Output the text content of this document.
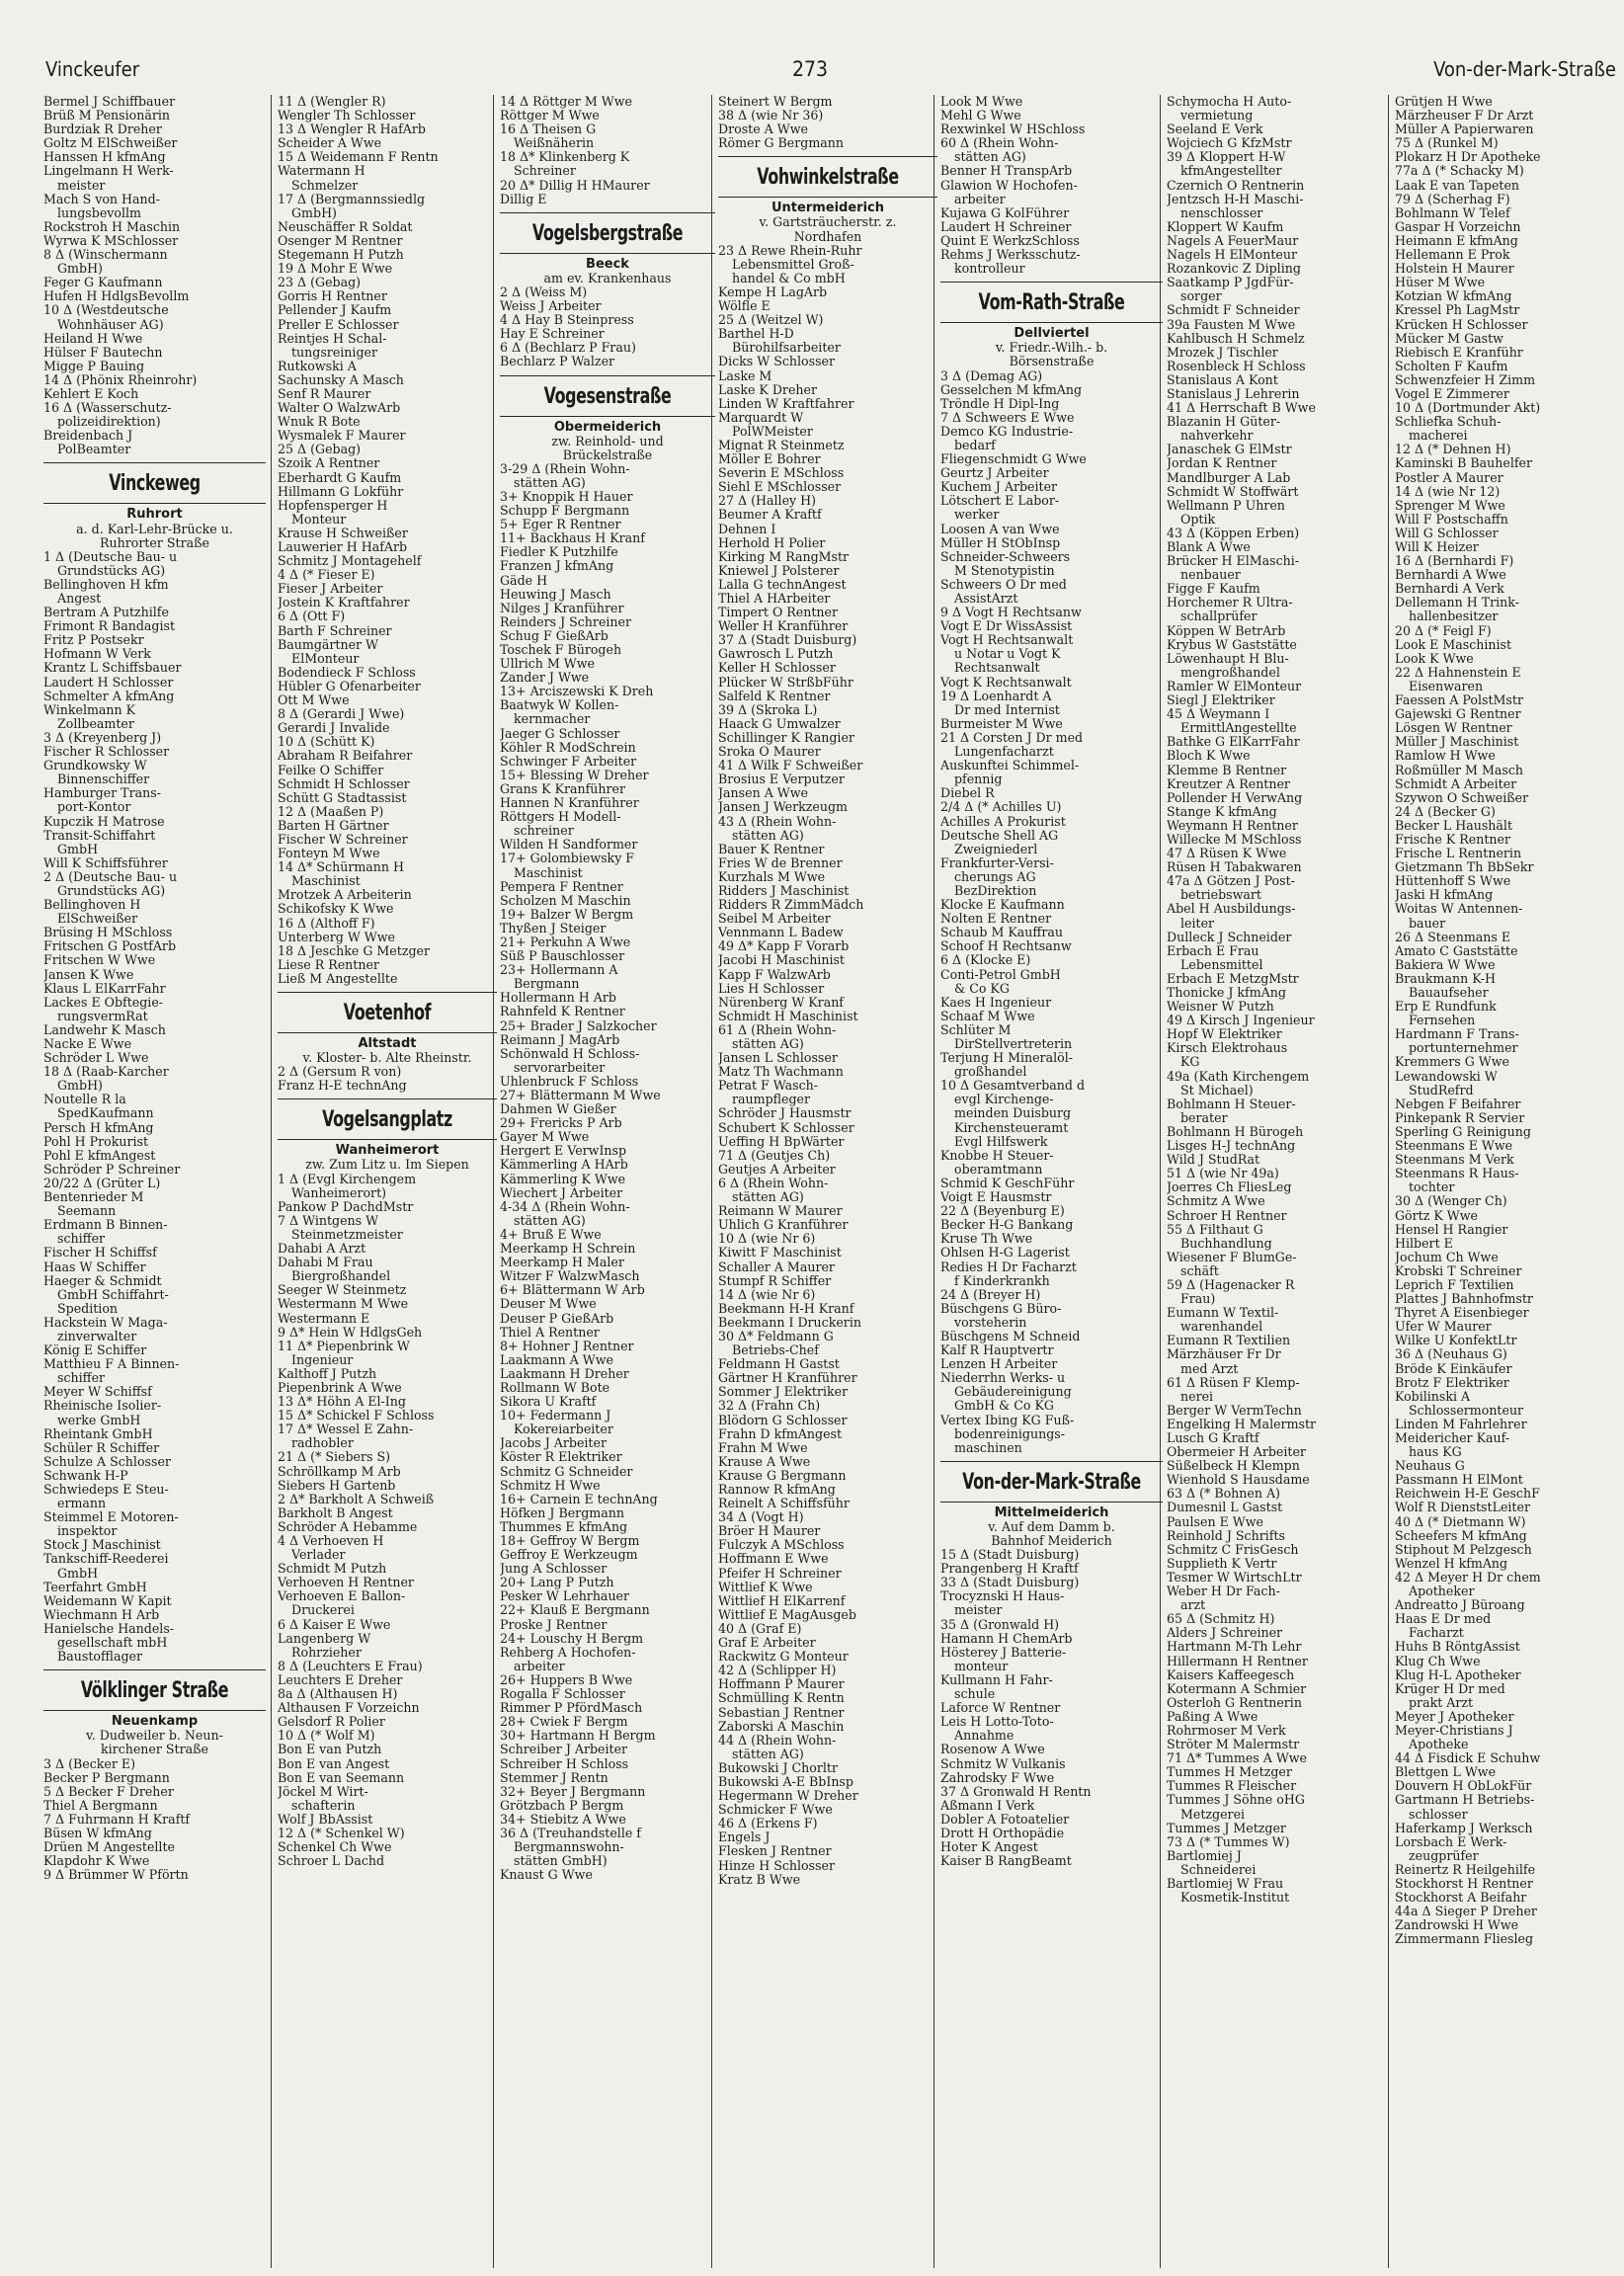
Vinckeufer	273	Von-der-Mark-Straße
Bermel J Schiffbauer
Brüß M Pensionärin
Burdziak R Dreher
Goltz M ElSchweißer
Hanssen H kfmAng
Lingelmann H Werk-
meister
Mach S von Hand-
lungsbevollm
Rockstroh H Maschin
Wyrwa K MSchlosser
8 Δ (Winschermann
GmbH)
Feger G Kaufmann
Hufen H HdlgsBevollm
10 Δ (Westdeutsche
Wohnhäuser AG)
Heiland H Wwe
Hülser F Bautechn
Migge P Bauing
14 Δ (Phönix Rheinrohr)
Kehlert E Koch
16 Δ (Wasserschutz-
polizeidirektion)
Breidenbach J
PolBeamter
Vinckeweg
Ruhrort
a. d. Karl-Lehr-Brücke u.
Ruhrorter Straße
1 Δ (Deutsche Bau- u
Grundstücks AG)
Bellinghoven H kfm
Angest
Bertram A Putzhilfe
Frimont R Bandagist
Fritz P Postsekr
Hofmann W Verk
Krantz L Schiffsbauer
Laudert H Schlosser
Schmelter A kfmAng
Winkelmann K
Zollbeamter
3 Δ (Kreyenberg J)
Fischer R Schlosser
Grundkowsky W
Binnenschiffer
Hamburger Trans-
port-Kontor
Kupczik H Matrose
Transit-Schiffahrt
GmbH
Will K Schiffsführer
2 Δ (Deutsche Bau- u
Grundstücks AG)
Bellinghoven H
ElSchweißer
Brüsing H MSchloss
Fritschen G PostfArb
Fritschen W Wwe
Jansen K Wwe
Klaus L ElKarrFahr
Lackes E Obftegie-
rungsvermRat
Landwehr K Masch
Nacke E Wwe
Schröder L Wwe
18 Δ (Raab-Karcher
GmbH)
Noutelle R la
SpedKaufmann
Persch H kfmAng
Pohl H Prokurist
Pohl E kfmAngest
Schröder P Schreiner
20/22 Δ (Grüter L)
Bentenrieder M
Seemann
Erdmann B Binnen-
schiffer
Fischer H Schiffsf
Haas W Schiffer
Haeger & Schmidt
GmbH Schiffahrt-
Spedition
Hackstein W Maga-
zinverwalter
König E Schiffer
Matthieu F A Binnen-
schiffer
Meyer W Schiffsf
Rheinische Isolier-
werke GmbH
Rheintank GmbH
Schüler R Schiffer
Schulze A Schlosser
Schwank H-P
Schwiedeps E Steu-
ermann
Steimmel E Motoren-
inspektor
Stock J Maschinist
Tankschiff-Reederei
GmbH
Teerfahrt GmbH
Weidemann W Kapit
Wiechmann H Arb
Hanielsche Handels-
gesellschaft mbH
Baustofflager
Völklinger Straße
Neuenkamp
v. Dudweiler b. Neun-
kirchener Straße
3 Δ (Becker E)
Becker P Bergmann
5 Δ Becker F Dreher
Thiel A Bergmann
7 Δ Fuhrmann H Kraftf
Büsen W kfmAng
Drüen M Angestellte
Klapdohr K Wwe
9 Δ Brümmer W Pförtn
11 Δ (Wengler R)
Wengler Th Schlosser
13 Δ Wengler R HafArb
Scheider A Wwe
15 Δ Weidemann F Rentn
Watermann H
Schmelzer
17 Δ (Bergmannssiedlg
GmbH)
Neuschäffer R Soldat
Osenger M Rentner
Stegemann H Putzh
19 Δ Mohr E Wwe
23 Δ (Gebag)
Gorris H Rentner
Pellender J Kaufm
Preller E Schlosser
Reintjes H Schal-
tungsreiniger
Rutkowski A
Sachunsky A Masch
Senf R Maurer
Walter O WalzwArb
Wnuk R Bote
Wysmalek F Maurer
25 Δ (Gebag)
Szoik A Rentner
Eberhardt G Kaufm
Hillmann G Lokführ
Hopfensperger H
Monteur
Krause H Schweißer
Lauwerier H HafArb
Schmitz J Montagehelf
4 Δ (* Fieser E)
Fieser J Arbeiter
Jostein K Kraftfahrer
6 Δ (Ott F)
Barth F Schreiner
Baumgärtner W
ElMonteur
Bodendieck F Schloss
Hübler G Ofenarbeiter
Ott M Wwe
8 Δ (Gerardi J Wwe)
Gerardi J Invalide
10 Δ (Schütt K)
Abraham R Beifahrer
Feilke O Schiffer
Schmidt H Schlosser
Schütt G Stadtassist
12 Δ (Maaßen P)
Barten H Gärtner
Fischer W Schreiner
Fonteyn M Wwe
14 Δ* Schürmann H
Maschinist
Mrotzek A Arbeiterin
Schikofsky K Wwe
16 Δ (Althoff F)
Unterberg W Wwe
18 Δ Jeschke G Metzger
Liese R Rentner
Ließ M Angestellte
Voetenhof
Altstadt
v. Kloster- b. Alte Rheinstr.
2 Δ (Gersum R von)
Franz H-E technAng
Vogelsangplatz
Wanheimerort
zw. Zum Litz u. Im Siepen
1 Δ (Evgl Kirchengem
Wanheimerort)
Pankow P DachdMstr
7 Δ Wintgens W
Steinmetzmeister
Dahabi A Arzt
Dahabi M Frau
Biergroßhandel
Seeger W Steinmetz
Westermann M Wwe
Westermann E
9 Δ* Hein W HdlgsGeh
11 Δ* Piepenbrink W
Ingenieur
Kalthoff J Putzh
Piepenbrink A Wwe
13 Δ* Höhn A El-Ing
15 Δ* Schickel F Schloss
17 Δ* Wessel E Zahn-
radhobler
21 Δ (* Siebers S)
Schröllkamp M Arb
Siebers H Gartenb
2 Δ* Barkholt A Schweiß
Barkholt B Angest
Schröder A Hebamme
4 Δ Verhoeven H
Verlader
Schmidt M Putzh
Verhoeven H Rentner
Verhoeven E Ballon-
Druckerei
6 Δ Kaiser E Wwe
Langenberg W
Rohrzieher
8 Δ (Leuchters E Frau)
Leuchters E Dreher
8a Δ (Althausen H)
Althausen F Vorzeichn
Gelsdorf R Polier
10 Δ (* Wolf M)
Bon E van Putzh
Bon E van Angest
Bon E van Seemann
Jöckel M Wirt-
schafterin
Wolf J BbAssist
12 Δ (* Schenkel W)
Schenkel Ch Wwe
Schroer L Dachd
14 Δ Röttger M Wwe
Röttger M Wwe
16 Δ Theisen G
Weißnäherin
18 Δ* Klinkenberg K
Schreiner
20 Δ* Dillig H HMaurer
Dillig E
Vogelsbergstraße
Beeck
am ev. Krankenhaus
2 Δ (Weiss M)
Weiss J Arbeiter
4 Δ Hay B Steinpress
Hay E Schreiner
6 Δ (Bechlarz P Frau)
Bechlarz P Walzer
Vogesenstraße
Obermeiderich
zw. Reinhold- und
Brückelstraße
3-29 Δ (Rhein Wohn-
stätten AG)
3+ Knoppik H Hauer
Schupp F Bergmann
5+ Eger R Rentner
11+ Backhaus H Kranf
Fiedler K Putzhilfe
Franzen J kfmAng
Gäde H
Heuwing J Masch
Nilges J Kranführer
Reinders J Schreiner
Schug F GießArb
Toschek F Bürogeh
Ullrich M Wwe
Zander J Wwe
13+ Arciszewski K Dreh
Baatwyk W Kollen-
kernmacher
Jaeger G Schlosser
Köhler R ModSchrein
Schwinger F Arbeiter
15+ Blessing W Dreher
Grans K Kranführer
Hannen N Kranführer
Röttgers H Modell-
schreiner
Wilden H Sandformer
17+ Golombiewsky F
Maschinist
Pempera F Rentner
Scholzen M Maschin
19+ Balzer W Bergm
Thyßen J Steiger
21+ Perkuhn A Wwe
Süß P Bauschlosser
23+ Hollermann A
Bergmann
Hollermann H Arb
Rahnfeld K Rentner
25+ Brader J Salzkocher
Reimann J MagArb
Schönwald H Schloss-
servorarbeiter
Uhlenbruck F Schloss
27+ Blättermann M Wwe
Dahmen W Gießer
29+ Frericks P Arb
Gayer M Wwe
Hergert E VerwInsp
Kämmerling A HArb
Kämmerling K Wwe
Wiechert J Arbeiter
4-34 Δ (Rhein Wohn-
stätten AG)
4+ Bruß E Wwe
Meerkamp H Schrein
Meerkamp H Maler
Witzer F WalzwMasch
6+ Blättermann W Arb
Deuser M Wwe
Deuser P GießArb
Thiel A Rentner
8+ Hohner J Rentner
Laakmann A Wwe
Laakmann H Dreher
Rollmann W Bote
Sikora U Kraftf
10+ Federmann J
Kokereiarbeiter
Jacobs J Arbeiter
Köster R Elektriker
Schmitz G Schneider
Schmitz H Wwe
16+ Carnein E technAng
Höfken J Bergmann
Thummes E kfmAng
18+ Geffroy W Bergm
Geffroy E Werkzeugm
Jung A Schlosser
20+ Lang P Putzh
Pesker W Lehrhauer
22+ Klauß E Bergmann
Proske J Rentner
24+ Louschy H Bergm
Rehberg A Hochofen-
arbeiter
26+ Huppers B Wwe
Rogalla F Schlosser
Rimmer P PfördMasch
28+ Cwiek F Bergm
30+ Hartmann H Bergm
Schreiber J Arbeiter
Schreiber H Schloss
Stemmer J Rentn
32+ Beyer J Bergmann
Grötzbach P Bergm
34+ Stiebitz A Wwe
36 Δ (Treuhandstelle f
Bergmannswohn-
stätten GmbH)
Knaust G Wwe
Steinert W Bergm
38 Δ (wie Nr 36)
Droste A Wwe
Römer G Bergmann
Vohwinkelstraße
Untermeiderich
v. Gartsträucherstr. z.
Nordhafen
23 Δ Rewe Rhein-Ruhr
Lebensmittel Groß-
handel & Co mbH
Kempe H LagArb
Wölfle E
25 Δ (Weitzel W)
Barthel H-D
Bürohilfsarbeiter
Dicks W Schlosser
Laske M
Laske K Dreher
Linden W Kraftfahrer
Marquardt W
PolWMeister
Mignat R Steinmetz
Möller E Bohrer
Severin E MSchloss
Siehl E MSchlosser
27 Δ (Halley H)
Beumer A Kraftf
Dehnen I
Herhold H Polier
Kirking M RangMstr
Kniewel J Polsterer
Lalla G technAngest
Thiel A HArbeiter
Timpert O Rentner
Weller H Kranführer
37 Δ (Stadt Duisburg)
Gawrosch L Putzh
Keller H Schlosser
Plücker W StrßbFühr
Salfeld K Rentner
39 Δ (Skroka L)
Haack G Umwalzer
Schillinger K Rangier
Sroka O Maurer
41 Δ Wilk F Schweißer
Brosius E Verputzer
Jansen A Wwe
Jansen J Werkzeugm
43 Δ (Rhein Wohn-
stätten AG)
Bauer K Rentner
Fries W de Brenner
Kurzhals M Wwe
Ridders J Maschinist
Ridders R ZimmMädch
Seibel M Arbeiter
Vennmann L Badew
49 Δ* Kapp F Vorarb
Jacobi H Maschinist
Kapp F WalzwArb
Lies H Schlosser
Nürenberg W Kranf
Schmidt H Maschinist
61 Δ (Rhein Wohn-
stätten AG)
Jansen L Schlosser
Matz Th Wachmann
Petrat F Wasch-
raumpfleger
Schröder J Hausmstr
Schubert K Schlosser
Ueffing H BpWärter
71 Δ (Geutjes Ch)
Geutjes A Arbeiter
6 Δ (Rhein Wohn-
stätten AG)
Reimann W Maurer
Uhlich G Kranführer
10 Δ (wie Nr 6)
Kiwitt F Maschinist
Schaller A Maurer
Stumpf R Schiffer
14 Δ (wie Nr 6)
Beekmann H-H Kranf
Beekmann I Druckerin
30 Δ* Feldmann G
Betriebs-Chef
Feldmann H Gastst
Gärtner H Kranführer
Sommer J Elektriker
32 Δ (Frahn Ch)
Blödorn G Schlosser
Frahn D kfmAngest
Frahn M Wwe
Krause A Wwe
Krause G Bergmann
Rannow R kfmAng
Reinelt A Schiffsführ
34 Δ (Vogt H)
Bröer H Maurer
Fulczyk A MSchloss
Hoffmann E Wwe
Pfeifer H Schreiner
Wittlief K Wwe
Wittlief H ElKarrenf
Wittlief E MagAusgeb
40 Δ (Graf E)
Graf E Arbeiter
Rackwitz G Monteur
42 Δ (Schlipper H)
Hoffmann P Maurer
Schmülling K Rentn
Sebastian J Rentner
Zaborski A Maschin
44 Δ (Rhein Wohn-
stätten AG)
Bukowski J Chorltr
Bukowski A-E BbInsp
Hegermann W Dreher
Schmicker F Wwe
46 Δ (Erkens F)
Engels J
Flesken J Rentner
Hinze H Schlosser
Kratz B Wwe
Look M Wwe
Mehl G Wwe
Rexwinkel W HSchloss
60 Δ (Rhein Wohn-
stätten AG)
Benner H TranspArb
Glawion W Hochofen-
arbeiter
Kujawa G KolFührer
Laudert H Schreiner
Quint E WerkzSchloss
Rehms J Werksschutz-
kontrolleur
Vom-Rath-Straße
Dellviertel
v. Friedr.-Wilh.- b.
Börsenstraße
3 Δ (Demag AG)
Gesselchen M kfmAng
Tröndle H Dipl-Ing
7 Δ Schweers E Wwe
Demco KG Industrie-
bedarf
Fliegenschmidt G Wwe
Geurtz J Arbeiter
Kuchem J Arbeiter
Lötschert E Labor-
werker
Loosen A van Wwe
Müller H StObInsp
Schneider-Schweers
M Stenotypistin
Schweers O Dr med
AssistArzt
9 Δ Vogt H Rechtsanw
Vogt E Dr WissAssist
Vogt H Rechtsanwalt
u Notar u Vogt K
Rechtsanwalt
Vogt K Rechtsanwalt
19 Δ Loenhardt A
Dr med Internist
Burmeister M Wwe
21 Δ Corsten J Dr med
Lungenfacharzt
Auskunftei Schimmel-
pfennig
Diebel R
2/4 Δ (* Achilles U)
Achilles A Prokurist
Deutsche Shell AG
Zweigniederl
Frankfurter-Versi-
cherungs AG
BezDirektion
Klocke E Kaufmann
Nolten E Rentner
Schaub M Kauffrau
Schoof H Rechtsanw
6 Δ (Klocke E)
Conti-Petrol GmbH
& Co KG
Kaes H Ingenieur
Schaaf M Wwe
Schlüter M
DirStellvertreterin
Terjung H Mineralöl-
großhandel
10 Δ Gesamtverband d
evgl Kirchenge-
meinden Duisburg
Kirchensteueramt
Evgl Hilfswerk
Knobbe H Steuer-
oberamtmann
Schmid K GeschFühr
Voigt E Hausmstr
22 Δ (Beyenburg E)
Becker H-G Bankang
Kruse Th Wwe
Ohlsen H-G Lagerist
Redies H Dr Facharzt
f Kinderkrankh
24 Δ (Breyer H)
Büschgens G Büro-
vorsteherin
Büschgens M Schneid
Kalf R Hauptvertr
Lenzen H Arbeiter
Niederrhn Werks- u
Gebäudereinigung
GmbH & Co KG
Vertex Ibing KG Fuß-
bodenreinigungs-
maschinen
Von-der-Mark-Straße
Mittelmeiderich
v. Auf dem Damm b.
Bahnhof Meiderich
15 Δ (Stadt Duisburg)
Prangenberg H Kraftf
33 Δ (Stadt Duisburg)
Trocyznski H Haus-
meister
35 Δ (Gronwald H)
Hamann H ChemArb
Hösterey J Batterie-
monteur
Kullmann H Fahr-
schule
Laforce W Rentner
Leis H Lotto-Toto-
Annahme
Rosenow A Wwe
Schmitz W Vulkanis
Zahrodsky F Wwe
37 Δ Gronwald H Rentn
Aßmann I Verk
Dobler A Fotoatelier
Drott H Orthopädie
Hoter K Angest
Kaiser B RangBeamt
Schymocha H Auto-
vermietung
Seeland E Verk
Wojciech G KfzMstr
39 Δ Kloppert H-W
kfmAngestellter
Czernich O Rentnerin
Jentzsch H-H Maschi-
nenschlosser
Kloppert W Kaufm
Nagels A FeuerMaur
Nagels H ElMonteur
Rozankovic Z Dipling
Saatkamp P JgdFür-
sorger
Schmidt F Schneider
39a Fausten M Wwe
Kahlbusch H Schmelz
Mrozek J Tischler
Rosenbleck H Schloss
Stanislaus A Kont
Stanislaus J Lehrerin
41 Δ Herrschaft B Wwe
Blazanin H Güter-
nahverkehr
Janaschek G ElMstr
Jordan K Rentner
Mandlburger A Lab
Schmidt W Stoffwärt
Wellmann P Uhren
Optik
43 Δ (Köppen Erben)
Blank A Wwe
Brücker H ElMaschi-
nenbauer
Figge F Kaufm
Horchemer R Ultra-
schallprüfer
Köppen W BetrArb
Krybus W Gaststätte
Löwenhaupt H Blu-
mengroßhandel
Ramler W ElMonteur
Siegl J Elektriker
45 Δ Weymann I
ErmittlAngestellte
Bathke G ElKarrFahr
Bloch K Wwe
Klemme B Rentner
Kreutzer A Rentner
Pollender H VerwAng
Stange K kfmAng
Weymann H Rentner
Willecke M MSchloss
47 Δ Rüsen K Wwe
Rüsen H Tabakwaren
47a Δ Götzen J Post-
betriebswart
Abel H Ausbildungs-
leiter
Dulleck J Schneider
Erbach E Frau
Lebensmittel
Erbach E MetzgMstr
Thonicke J kfmAng
Weisner W Putzh
49 Δ Kirsch J Ingenieur
Hopf W Elektriker
Kirsch Elektrohaus
KG
49a (Kath Kirchengem
St Michael)
Bohlmann H Steuer-
berater
Bohlmann H Bürogeh
Lisges H-J technAng
Wild J StudRat
51 Δ (wie Nr 49a)
Joerres Ch FliesLeg
Schmitz A Wwe
Schroer H Rentner
55 Δ Filthaut G
Buchhandlung
Wiesener F BlumGe-
schäft
59 Δ (Hagenacker R
Frau)
Eumann W Textil-
warenhandel
Eumann R Textilien
Märzhäuser Fr Dr
med Arzt
61 Δ Rüsen F Klemp-
nerei
Berger W VermTechn
Engelking H Malermstr
Lusch G Kraftf
Obermeier H Arbeiter
Süßelbeck H Klempn
Wienhold S Hausdame
63 Δ (* Bohnen A)
Dumesnil L Gastst
Paulsen E Wwe
Reinhold J Schrifts
Schmitz C FrisGesch
Supplieth K Vertr
Tesmer W WirtschLtr
Weber H Dr Fach-
arzt
65 Δ (Schmitz H)
Alders J Schreiner
Hartmann M-Th Lehr
Hillermann H Rentner
Kaisers Kaffeegesch
Kotermann A Schmier
Osterloh G Rentnerin
Paßing A Wwe
Rohrmoser M Verk
Ströter M Malermstr
71 Δ* Tummes A Wwe
Tummes H Metzger
Tummes R Fleischer
Tummes J Söhne oHG
Metzgerei
Tummes J Metzger
73 Δ (* Tummes W)
Bartlomiej J
Schneiderei
Bartlomiej W Frau
Kosmetik-Institut
Grütjen H Wwe
Märzheuser F Dr Arzt
Müller A Papierwaren
75 Δ (Runkel M)
Plokarz H Dr Apotheke
77a Δ (* Schacky M)
Laak E van Tapeten
79 Δ (Scherhag F)
Bohlmann W Telef
Gaspar H Vorzeichn
Heimann E kfmAng
Hellemann E Prok
Holstein H Maurer
Hüser M Wwe
Kotzian W kfmAng
Kressel Ph LagMstr
Krücken H Schlosser
Mücker M Gastw
Riebisch E Kranführ
Scholten F Kaufm
Schwenzfeier H Zimm
Vogel E Zimmerer
10 Δ (Dortmunder Akt)
Schliefka Schuh-
macherei
12 Δ (* Dehnen H)
Kaminski B Bauhelfer
Postler A Maurer
14 Δ (wie Nr 12)
Sprenger M Wwe
Will F Postschaffn
Will G Schlosser
Will K Heizer
16 Δ (Bernhardi F)
Bernhardi A Wwe
Bernhardi A Verk
Dellemann H Trink-
hallenbesitzer
20 Δ (* Feigl F)
Look E Maschinist
Look K Wwe
22 Δ Hahnenstein E
Eisenwaren
Faessen A PolstMstr
Gajewski G Rentner
Lösgen W Rentner
Müller J Maschinist
Ramlow H Wwe
Roßmüller M Masch
Schmidt A Arbeiter
Szywon O Schweißer
24 Δ (Becker G)
Becker L Haushält
Frische K Rentner
Frische L Rentnerin
Gietzmann Th BbSekr
Hüttenhoff S Wwe
Jaski H kfmAng
Woitas W Antennen-
bauer
26 Δ Steenmans E
Amato C Gaststätte
Bakiera W Wwe
Braukmann K-H
Bauaufseher
Erp E Rundfunk
Fernsehen
Hardmann F Trans-
portunternehmer
Kremmers G Wwe
Lewandowski W
StudRefrd
Nebgen F Beifahrer
Pinkepank R Servier
Sperling G Reinigung
Steenmans E Wwe
Steenmans M Verk
Steenmans R Haus-
tochter
30 Δ (Wenger Ch)
Görtz K Wwe
Hensel H Rangier
Hilbert E
Jochum Ch Wwe
Krobski T Schreiner
Leprich F Textilien
Plattes J Bahnhofmstr
Thyret A Eisenbieger
Ufer W Maurer
Wilke U KonfektLtr
36 Δ (Neuhaus G)
Bröde K Einkäufer
Brotz F Elektriker
Kobilinski A
Schlossermonteur
Linden M Fahrlehrer
Meidericher Kauf-
haus KG
Neuhaus G
Passmann H ElMont
Reichwein H-E GeschF
Wolf R DienststLeiter
40 Δ (* Dietmann W)
Scheefers M kfmAng
Stiphout M Pelzgesch
Wenzel H kfmAng
42 Δ Meyer H Dr chem
Apotheker
Andreatto J Büroang
Haas E Dr med
Facharzt
Huhs B RöntgAssist
Klug Ch Wwe
Klug H-L Apotheker
Krüger H Dr med
prakt Arzt
Meyer J Apotheker
Meyer-Christians J
Apotheke
44 Δ Fisdick E Schuhw
Blettgen L Wwe
Douvern H ObLokFür
Gartmann H Betriebs-
schlosser
Haferkamp J Werksch
Lorsbach E Werk-
zeugprüfer
Reinertz R Heilgehilfe
Stockhorst H Rentner
Stockhorst A Beifahr
44a Δ Sieger P Dreher
Zandrowski H Wwe
Zimmermann Fliesleg
